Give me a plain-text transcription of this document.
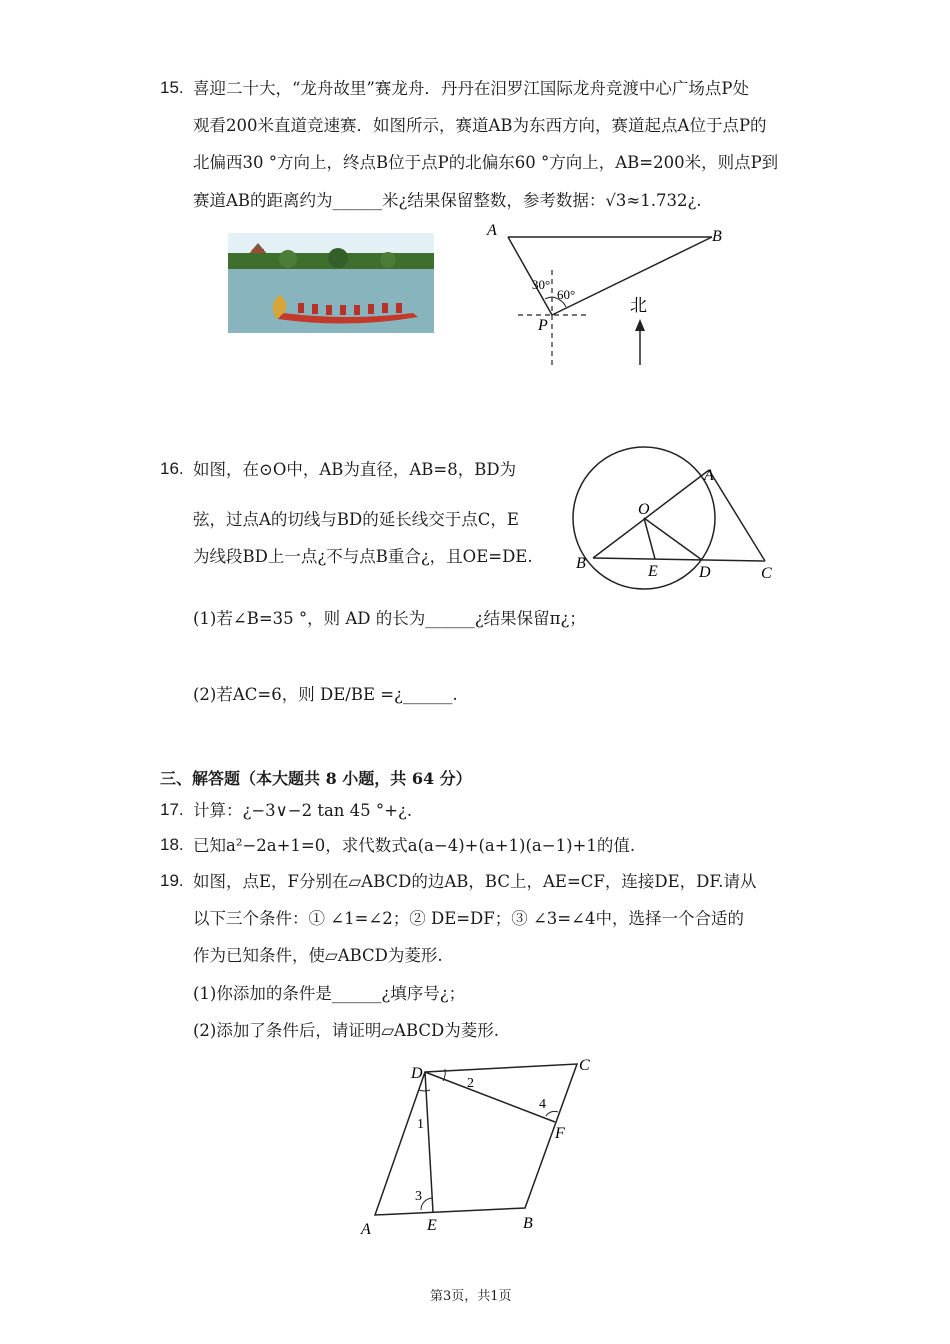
15. 喜迎二十大，“龙舟故里”赛龙舟．丹丹在汨罗江国际龙舟竞渡中心广场点P处
观看200米直道竞速赛．如图所示，赛道AB为东西方向，赛道起点A位于点P的
北偏西30 °方向上，终点B位于点P的北偏东60 °方向上，AB=200米，则点P到
赛道AB的距离约为______米¿结果保留整数，参考数据：√3≈1.732¿.
A	B
P
30°
60°
北
16. 如图，在⊙O中，AB为直径，AB=8，BD为
弦，过点A的切线与BD的延长线交于点C，E
为线段BD上一点¿不与点B重合¿，且OE=DE.
(1)若∠B=35 °，则 AD 的长为______¿结果保留π¿；
(2)若AC=6，则 DE/BE =¿______.
O
A
B	E	D	C
三、解答题（本大题共 8 小题，共 64 分）
17. 计算：¿−3∨−2 tan 45 °+¿.
18. 已知a²−2a+1=0，求代数式a(a−4)+(a+1)(a−1)+1的值.
19. 如图，点E，F分别在▱ABCD的边AB，BC上，AE=CF，连接DE，DF.请从
以下三个条件：① ∠1=∠2；② DE=DF；③ ∠3=∠4中，选择一个合适的
作为已知条件，使▱ABCD为菱形.
(1)你添加的条件是______¿填序号¿；
(2)添加了条件后，请证明▱ABCD为菱形.
D	C
F
A	E	B
1
2
3
4
第3页，共1页
